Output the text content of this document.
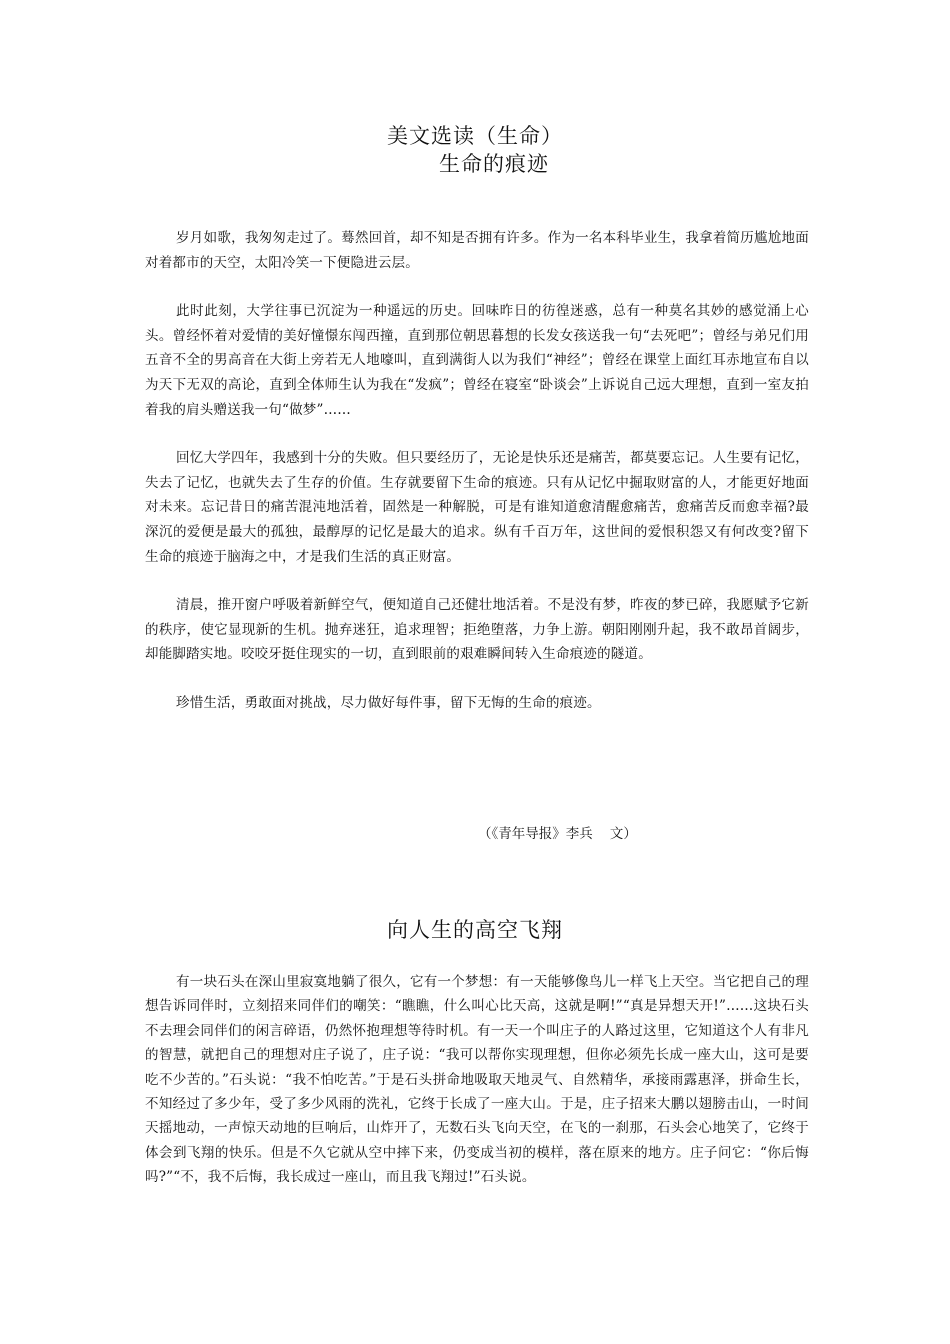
美文选读（生命）
生命的痕迹

岁月如歌，我匆匆走过了。蓦然回首，却不知是否拥有许多。作为一名本科毕业生，我拿着简历尴尬地面对着都市的天空，太阳冷笑一下便隐进云层。

此时此刻，大学往事已沉淀为一种遥远的历史。回味昨日的彷徨迷惑，总有一种莫名其妙的感觉涌上心头。曾经怀着对爱情的美好憧憬东闯西撞，直到那位朝思暮想的长发女孩送我一句“去死吧”；曾经与弟兄们用五音不全的男高音在大街上旁若无人地嚎叫，直到满街人以为我们“神经”；曾经在课堂上面红耳赤地宣布自以为天下无双的高论，直到全体师生认为我在“发疯”；曾经在寝室“卧谈会”上诉说自己远大理想，直到一室友拍着我的肩头赠送我一句“做梦”……

回忆大学四年，我感到十分的失败。但只要经历了，无论是快乐还是痛苦，都莫要忘记。人生要有记忆，失去了记忆，也就失去了生存的价值。生存就要留下生命的痕迹。只有从记忆中掘取财富的人，才能更好地面对未来。忘记昔日的痛苦混沌地活着，固然是一种解脱，可是有谁知道愈清醒愈痛苦，愈痛苦反而愈幸福?最深沉的爱便是最大的孤独，最醇厚的记忆是最大的追求。纵有千百万年，这世间的爱恨积怨又有何改变?留下生命的痕迹于脑海之中，才是我们生活的真正财富。

清晨，推开窗户呼吸着新鲜空气，便知道自己还健壮地活着。不是没有梦，昨夜的梦已碎，我愿赋予它新的秩序，使它显现新的生机。抛弃迷狂，追求理智；拒绝堕落，力争上游。朝阳刚刚升起，我不敢昂首阔步，却能脚踏实地。咬咬牙挺住现实的一切，直到眼前的艰难瞬间转入生命痕迹的隧道。

珍惜生活，勇敢面对挑战，尽力做好每件事，留下无悔的生命的痕迹。

（《青年导报》李兵    文）
向人生的高空飞翔

有一块石头在深山里寂寞地躺了很久，它有一个梦想：有一天能够像鸟儿一样飞上天空。当它把自己的理想告诉同伴时，立刻招来同伴们的嘲笑：“瞧瞧，什么叫心比天高，这就是啊!”“真是异想天开!”……这块石头不去理会同伴们的闲言碎语，仍然怀抱理想等待时机。有一天一个叫庄子的人路过这里，它知道这个人有非凡的智慧，就把自己的理想对庄子说了，庄子说：“我可以帮你实现理想，但你必须先长成一座大山，这可是要吃不少苦的。”石头说：“我不怕吃苦。”于是石头拼命地吸取天地灵气、自然精华，承接雨露惠泽，拼命生长，不知经过了多少年，受了多少风雨的洗礼，它终于长成了一座大山。于是，庄子招来大鹏以翅膀击山，一时间天摇地动，一声惊天动地的巨响后，山炸开了，无数石头飞向天空，在飞的一刹那，石头会心地笑了，它终于体会到飞翔的快乐。但是不久它就从空中摔下来，仍变成当初的模样，落在原来的地方。庄子问它：“你后悔吗?”“不，我不后悔，我长成过一座山，而且我飞翔过!”石头说。
